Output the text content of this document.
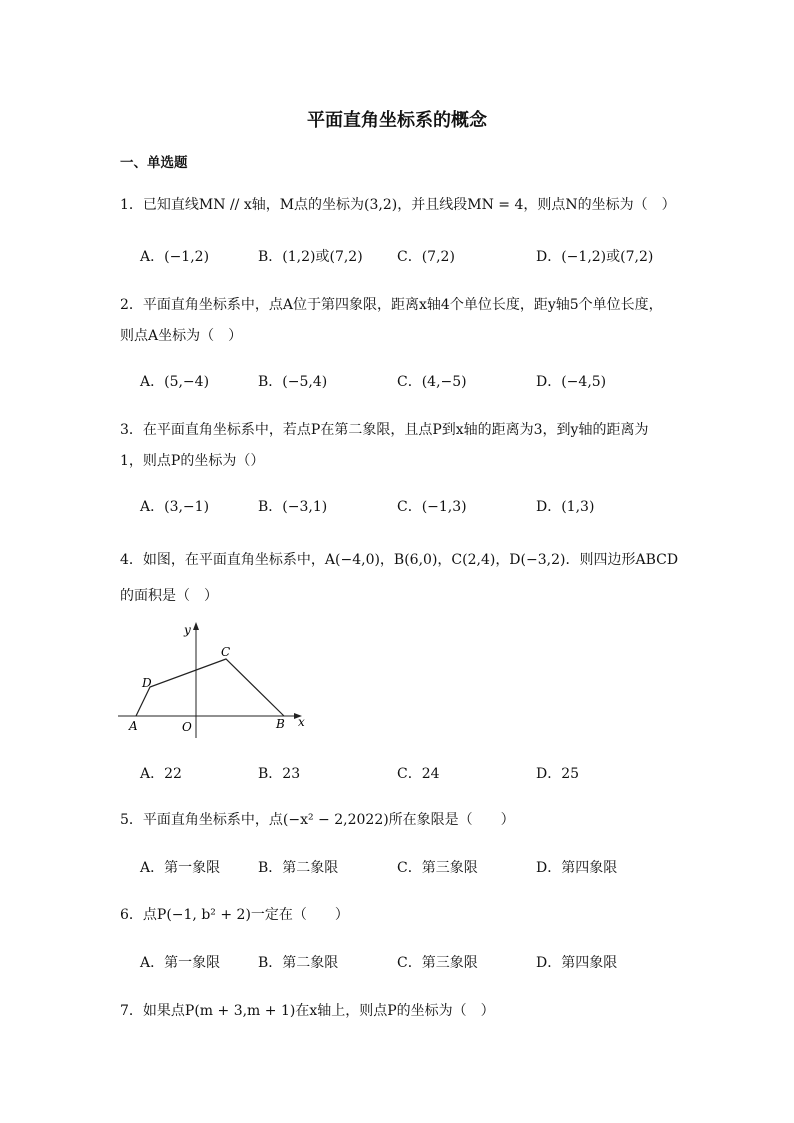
平面直角坐标系的概念
一、单选题
1．已知直线MN // x轴，M点的坐标为(3,2)，并且线段MN = 4，则点N的坐标为（　）
A．(−1,2)	B．(1,2)或(7,2) C．(7,2)	D．(−1,2)或(7,2)
2．平面直角坐标系中，点A位于第四象限，距离x轴4个单位长度，距y轴5个单位长度，
则点A坐标为（　）
A．(5,−4)	B．(−5,4)	C．(4,−5)	D．(−4,5)
3．在平面直角坐标系中，若点P在第二象限，且点P到x轴的距离为3，到y轴的距离为
1，则点P的坐标为（）
A．(3,−1)	B．(−3,1)	C．(−1,3)	D．(1,3)
4．如图，在平面直角坐标系中，A(−4,0)，B(6,0)，C(2,4)，D(−3,2)．则四边形ABCD
的面积是（　）
y
x
O
A	B
C
D
A．22	B．23	C．24	D．25
5．平面直角坐标系中，点(−x² − 2,2022)所在象限是（　　）
A．第一象限	B．第二象限	C．第三象限	D．第四象限
6．点P(−1, b² + 2)一定在（　　）
A．第一象限	B．第二象限	C．第三象限	D．第四象限
7．如果点P(m + 3,m + 1)在x轴上，则点P的坐标为（　）
